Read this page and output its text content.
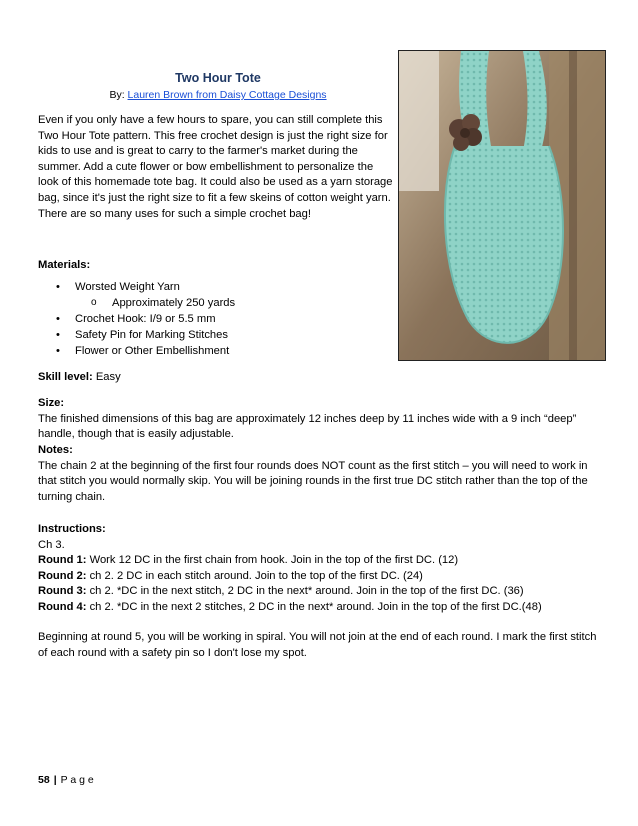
Two Hour Tote
By: Lauren Brown from Daisy Cottage Designs
Even if you only have a few hours to spare, you can still complete this Two Hour Tote pattern. This free crochet design is just the right size for kids to use and is great to carry to the farmer's market during the summer. Add a cute flower or bow embellishment to personalize the look of this homemade tote bag. It could also be used as a yarn storage bag, since it's just the right size to fit a few skeins of cotton weight yarn. There are so many uses for such a simple crochet bag!
Materials:
• Worsted Weight Yarn
o Approximately 250 yards
• Crochet Hook: I/9 or 5.5 mm
• Safety Pin for Marking Stitches
• Flower or Other Embellishment
Skill level: Easy
Size:
The finished dimensions of this bag are approximately 12 inches deep by 11 inches wide with a 9 inch “deep” handle, though that is easily adjustable.
Notes:
The chain 2 at the beginning of the first four rounds does NOT count as the first stitch – you will need to work in that stitch you would normally skip. You will be joining rounds in the first true DC stitch rather than the top of the turning chain.
Instructions:
Ch 3.
Round 1: Work 12 DC in the first chain from hook. Join in the top of the first DC. (12)
Round 2: ch 2. 2 DC in each stitch around. Join to the top of the first DC. (24)
Round 3: ch 2. *DC in the next stitch, 2 DC in the next* around. Join in the top of the first DC. (36)
Round 4: ch 2. *DC in the next 2 stitches, 2 DC in the next* around. Join in the top of the first DC.(48)
Beginning at round 5, you will be working in spiral. You will not join at the end of each round. I mark the first stitch of each round with a safety pin so I don't lose my spot.
58 | P a g e
